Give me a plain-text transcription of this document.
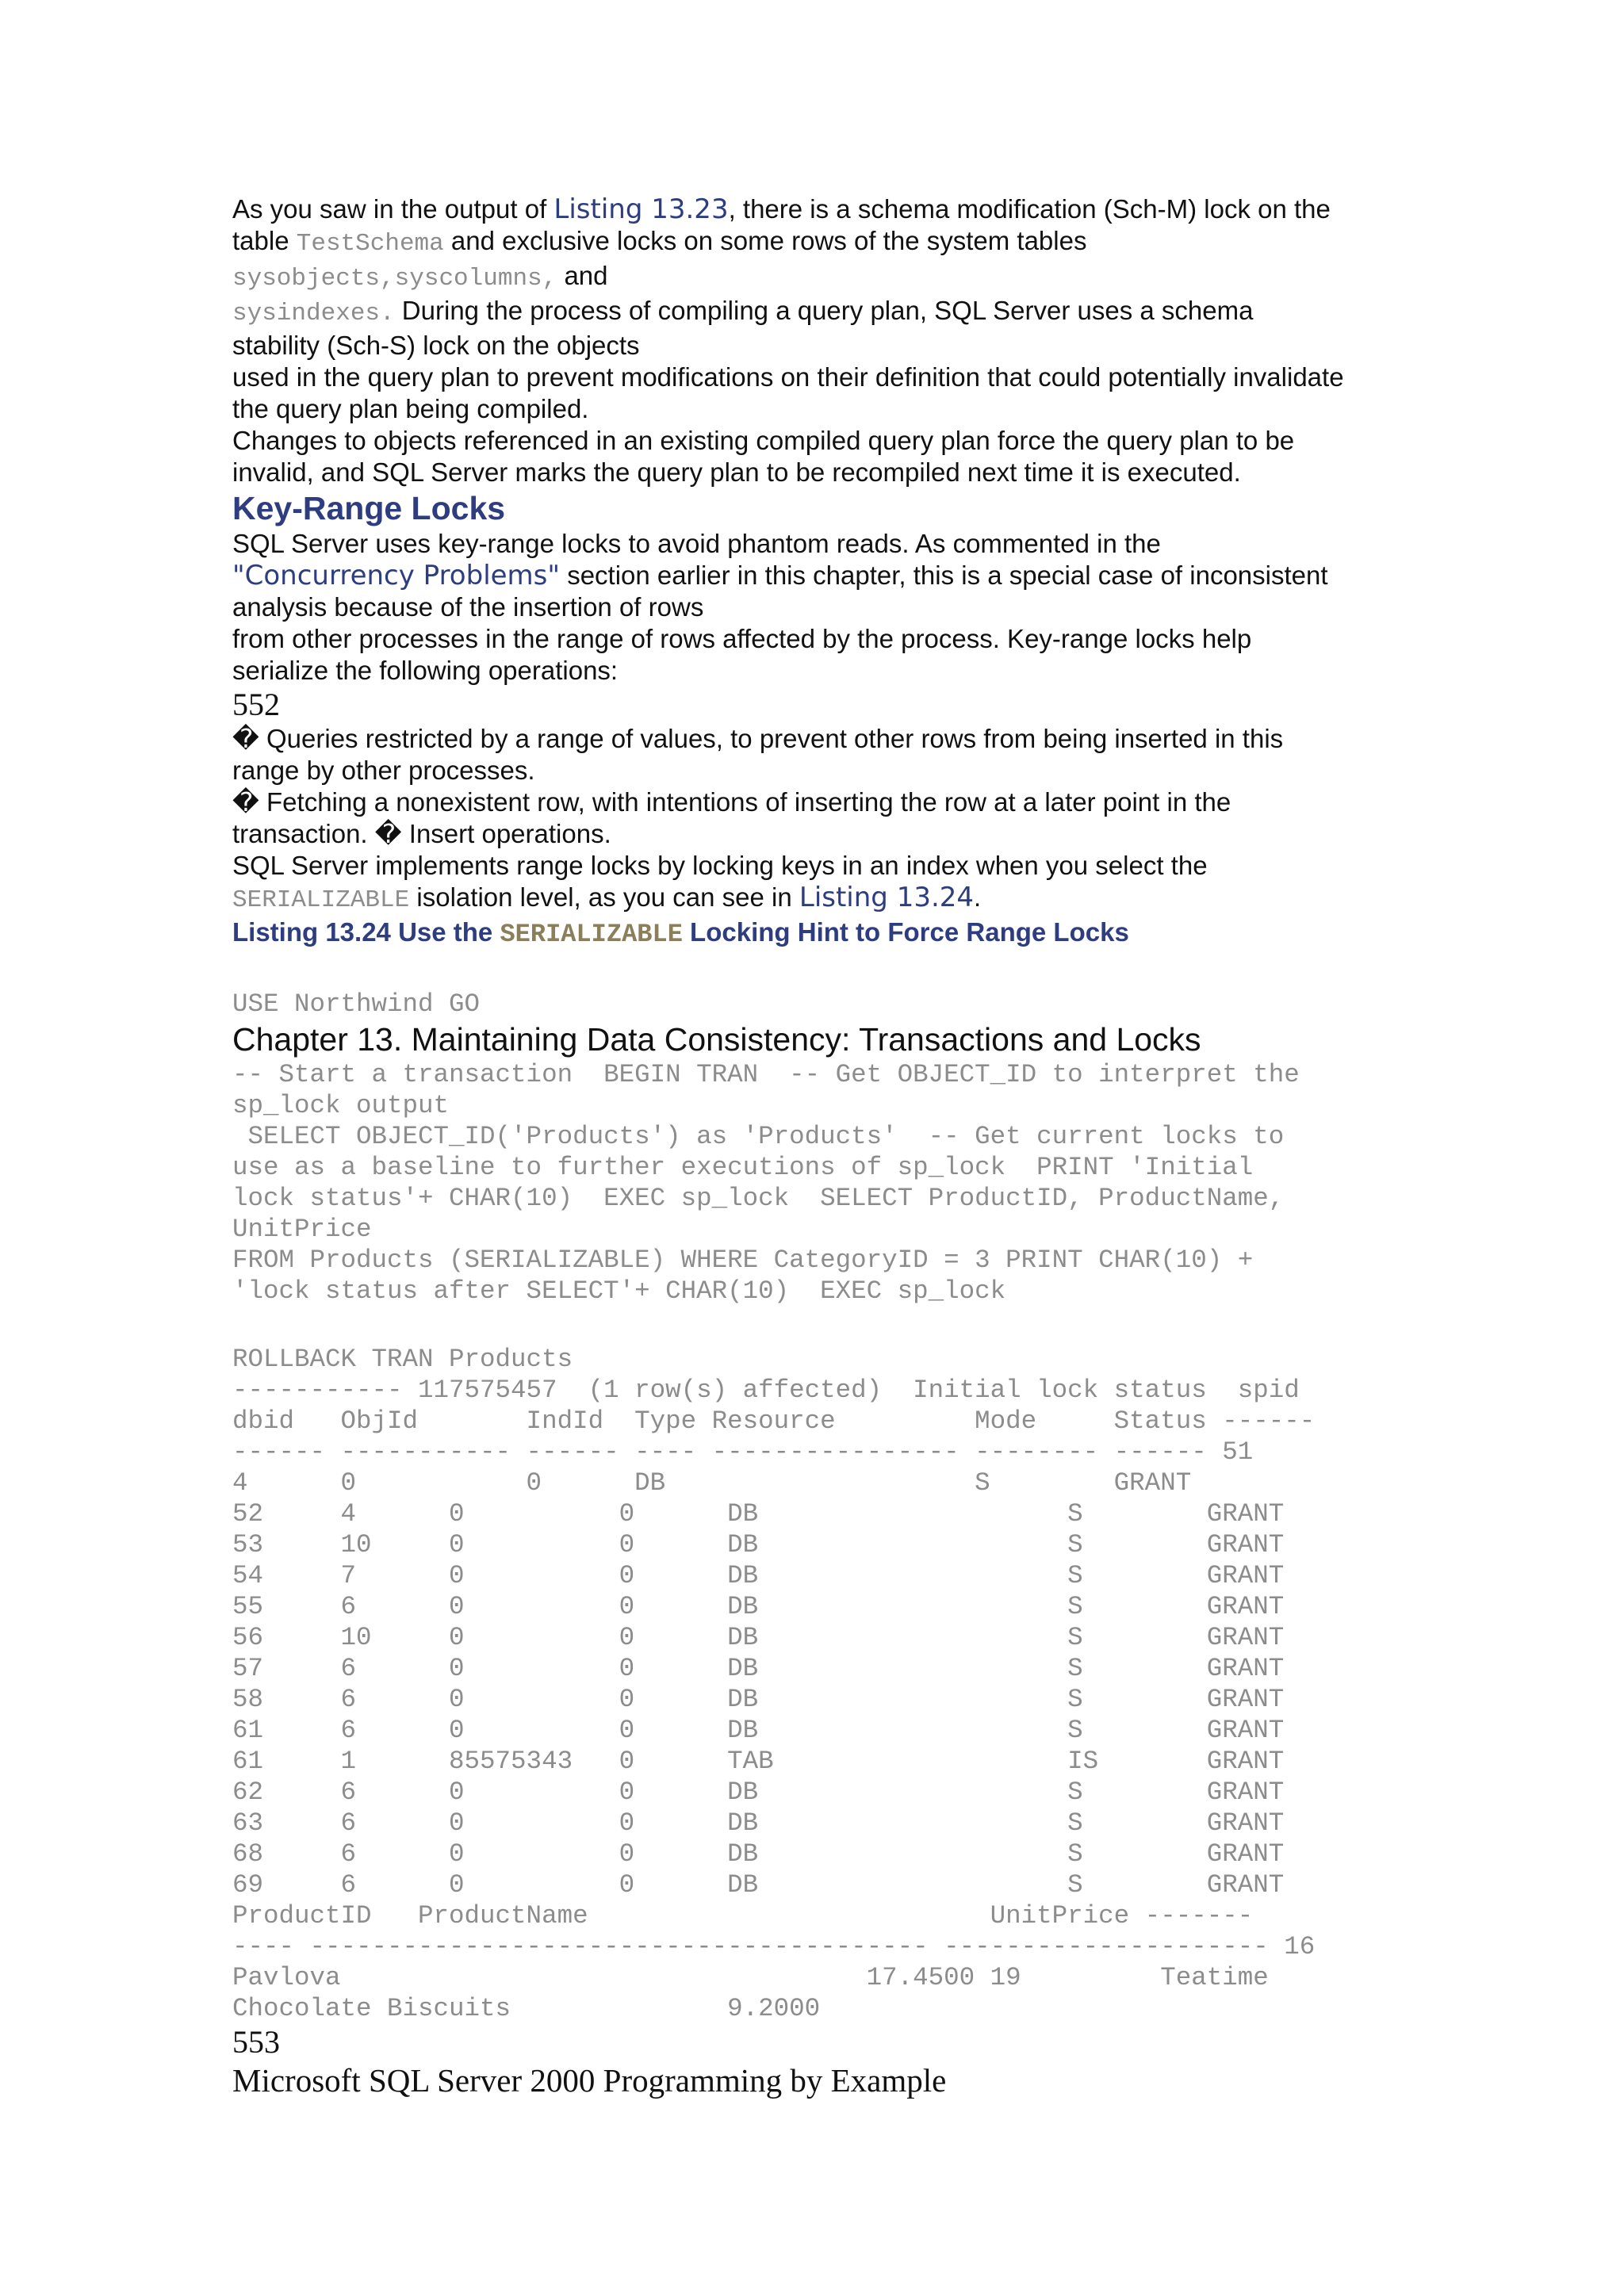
As you saw in the output of Listing 13.23, there is a schema modification (Sch-M) lock on the
table TestSchema and exclusive locks on some rows of the system tables
sysobjects,syscolumns, and
sysindexes. During the process of compiling a query plan, SQL Server uses a schema
stability (Sch-S) lock on the objects
used in the query plan to prevent modifications on their definition that could potentially invalidate
the query plan being compiled.
Changes to objects referenced in an existing compiled query plan force the query plan to be
invalid, and SQL Server marks the query plan to be recompiled next time it is executed.
Key-Range Locks
SQL Server uses key-range locks to avoid phantom reads. As commented in the
"Concurrency Problems" section earlier in this chapter, this is a special case of inconsistent
analysis because of the insertion of rows
from other processes in the range of rows affected by the process. Key-range locks help
serialize the following operations:
552
� Queries restricted by a range of values, to prevent other rows from being inserted in this
range by other processes.
� Fetching a nonexistent row, with intentions of inserting the row at a later point in the
transaction. � Insert operations.
SQL Server implements range locks by locking keys in an index when you select the
SERIALIZABLE isolation level, as you can see in Listing 13.24.
Listing 13.24 Use the SERIALIZABLE Locking Hint to Force Range Locks
USE Northwind GO
Chapter 13. Maintaining Data Consistency: Transactions and Locks
-- Start a transaction  BEGIN TRAN  -- Get OBJECT_ID to interpret the
sp_lock output
SELECT OBJECT_ID('Products') as 'Products'  -- Get current locks to
use as a baseline to further executions of sp_lock  PRINT 'Initial
lock status'+ CHAR(10)  EXEC sp_lock  SELECT ProductID, ProductName,
UnitPrice
FROM Products (SERIALIZABLE) WHERE CategoryID = 3 PRINT CHAR(10) +
'lock status after SELECT'+ CHAR(10)  EXEC sp_lock
ROLLBACK TRAN Products
----------- 117575457  (1 row(s) affected)  Initial lock status  spid
dbid   ObjId       IndId  Type Resource         Mode     Status ------
------ ----------- ------ ---- ---------------- -------- ------ 51
4      0           0      DB                    S        GRANT
52     4      0          0      DB                    S        GRANT
53     10     0          0      DB                    S        GRANT
54     7      0          0      DB                    S        GRANT
55     6      0          0      DB                    S        GRANT
56     10     0          0      DB                    S        GRANT
57     6      0          0      DB                    S        GRANT
58     6      0          0      DB                    S        GRANT
61     6      0          0      DB                    S        GRANT
61     1      85575343   0      TAB                   IS       GRANT
62     6      0          0      DB                    S        GRANT
63     6      0          0      DB                    S        GRANT
68     6      0          0      DB                    S        GRANT
69     6      0          0      DB                    S        GRANT
ProductID   ProductName                          UnitPrice -------
---- ---------------------------------------- --------------------- 16
Pavlova                                  17.4500 19         Teatime
Chocolate Biscuits              9.2000
553
Microsoft SQL Server 2000 Programming by Example
